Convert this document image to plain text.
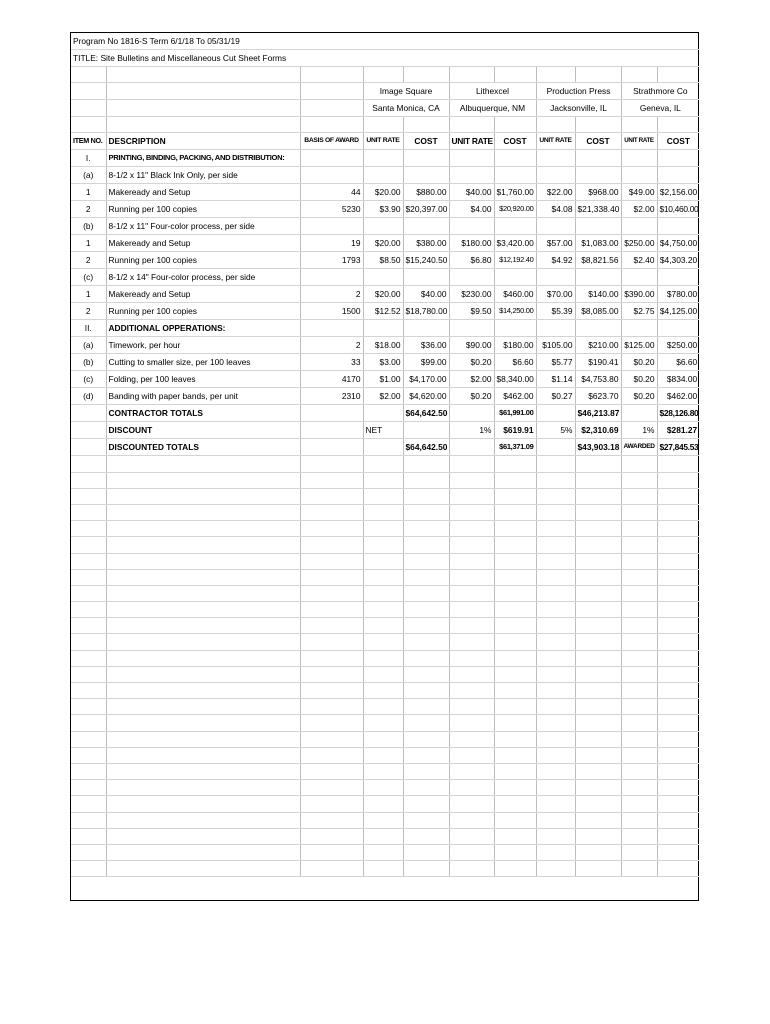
Program No 1816-S Term 6/1/18 To 05/31/19										
TITLE: Site Bulletins and Miscellaneous Cut Sheet Forms										

			Image Square		Lithexcel		Production Press		Strathmore Co	
			Santa Monica, CA		Albuquerque, NM		Jacksonville, IL		Geneva, IL	

ITEM NO.	DESCRIPTION	BASIS OF AWARD	UNIT RATE	COST	UNIT RATE	COST	UNIT RATE	COST	UNIT RATE	COST
I.	PRINTING, BINDING, PACKING, AND DISTRIBUTION:									
(a)	8-1/2 x 11" Black Ink Only, per side									
1	Makeready and Setup	44	$20.00	$880.00	$40.00	$1,760.00	$22.00	$968.00	$49.00	$2,156.00
2	Running per 100 copies	5230	$3.90	$20,397.00	$4.00	$20,920.00	$4.08	$21,338.40	$2.00	$10,460.00
(b)	8-1/2 x 11" Four-color process, per side									
1	Makeready and Setup	19	$20.00	$380.00	$180.00	$3,420.00	$57.00	$1,083.00	$250.00	$4,750.00
2	Running per 100 copies	1793	$8.50	$15,240.50	$6.80	$12,192.40	$4.92	$8,821.56	$2.40	$4,303.20
(c)	8-1/2 x 14" Four-color process, per side									
1	Makeready and Setup	2	$20.00	$40.00	$230.00	$460.00	$70.00	$140.00	$390.00	$780.00
2	Running per 100 copies	1500	$12.52	$18,780.00	$9.50	$14,250.00	$5.39	$8,085.00	$2.75	$4,125.00
II.	ADDITIONAL OPPERATIONS:									
(a)	Timework, per hour	2	$18.00	$36.00	$90.00	$180.00	$105.00	$210.00	$125.00	$250.00
(b)	Cutting to smaller size, per 100 leaves	33	$3.00	$99.00	$0.20	$6.60	$5.77	$190.41	$0.20	$6.60
(c)	Folding, per 100 leaves	4170	$1.00	$4,170.00	$2.00	$8,340.00	$1.14	$4,753.80	$0.20	$834.00
(d)	Banding with paper bands, per unit	2310	$2.00	$4,620.00	$0.20	$462.00	$0.27	$623.70	$0.20	$462.00
	CONTRACTOR TOTALS			$64,642.50		$61,991.00		$46,213.87		$28,126.80
	DISCOUNT		NET		1%	$619.91	5%	$2,310.69	1%	$281.27
	DISCOUNTED TOTALS			$64,642.50		$61,371.09		$43,903.18	AWARDED	$27,845.53
